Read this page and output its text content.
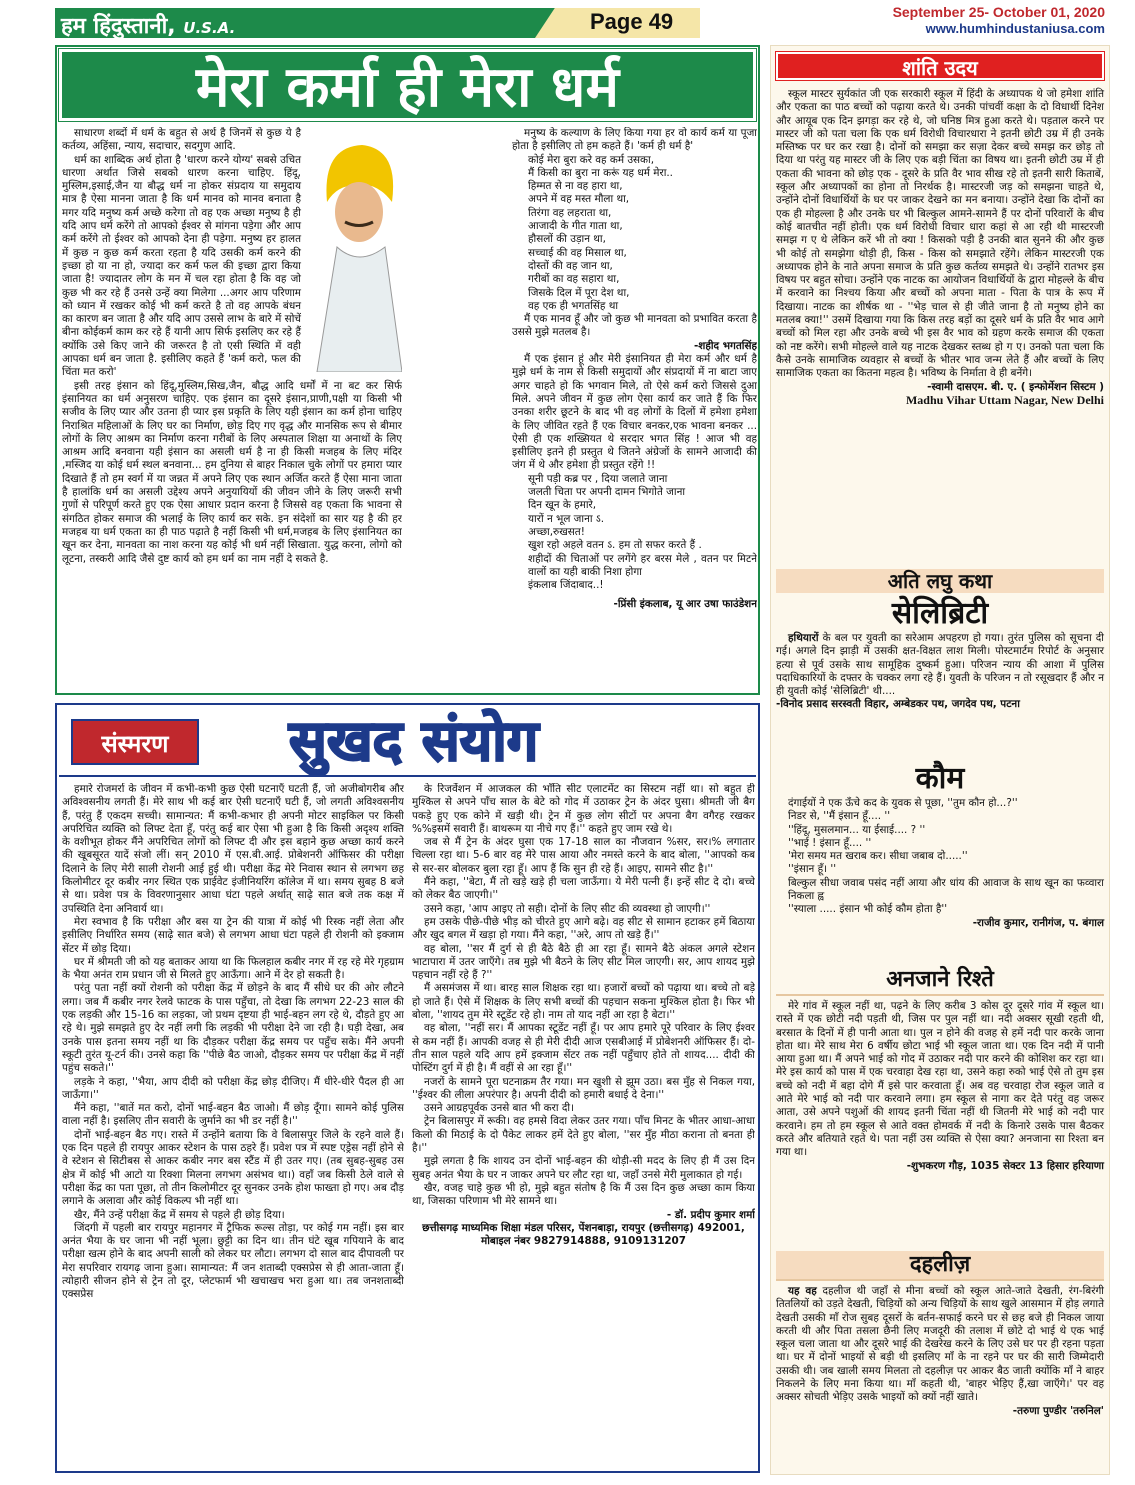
हम हिंदुस्तानी, U.S.A.	Page 49	September 25- October 01, 2020
www.humhindustaniusa.com
मेरा कर्मा ही मेरा धर्म

साधारण शब्दों में धर्म के बहुत से अर्थ है जिनमें से कुछ ये है कर्तव्य, अहिंसा, न्याय, सदाचार, सदगुण आदि.

धर्म का शाब्दिक अर्थ होता है 'धारण करने योग्य' सबसे उचित धारणा अर्थात जिसे सबको धारण करना चाहिए. हिंदू, मुस्लिम,इसाई,जैन या बौद्ध धर्म ना होकर संप्रदाय या समुदाय मात्र है ऐसा मानना जाता है कि धर्म मानव को मानव बनाता है मगर यदि मनुष्य कर्म अच्छे करेगा तो वह एक अच्छा मनुष्य है ही यदि आप धर्म करेंगे तो आपको ईश्वर से मांगना पड़ेगा और आप कर्म करेंगे तो ईश्वर को आपको देना ही पड़ेगा. मनुष्य हर हालत में कुछ न कुछ कर्म करता रहता है यदि उसकी कर्म करने की इच्छा हो या ना हो, ज्यादा कर कर्म फल की इच्छा द्वारा किया जाता है! ज्यादातर लोग के मन में चल रहा होता है कि वह जो कुछ भी कर रहे हैं उनसे उन्हें क्या मिलेगा ...अगर आप परिणाम को ध्यान में रखकर कोई भी कर्म करते है तो वह आपके बंधन का कारण बन जाता है और यदि आप उससे लाभ के बारे में सोचें बीना कोईकर्म काम कर रहे हैं यानी आप सिर्फ इसलिए कर रहे हैं क्योंकि उसे किए जाने की जरूरत है तो एसी स्थिति में वही आपका धर्म बन जाता है. इसीलिए कहते हैं 'कर्म करो, फल की चिंता मत करो'

इसी तरह इंसान को हिंदू,मुस्लिम,सिख,जैन, बौद्ध आदि धर्मों में ना बट कर सिर्फ इंसानियत का धर्म अनुसरण चाहिए. एक इंसान का दूसरे इंसान,प्राणी,पक्षी या किसी भी सजीव के लिए प्यार और उतना ही प्यार इस प्रकृति के लिए यही इंसान का कर्म होना चाहिए निराश्रित महिलाओं के लिए घर का निर्माण, छोड़ दिए गए वृद्ध और मानसिक रूप से बीमार लोगों के लिए आश्रम का निर्माण करना गरीबों के लिए अस्पताल शिक्षा या अनाथों के लिए आश्रम आदि बनवाना यही इंसान का असली धर्म है ना ही किसी मजहब के लिए मंदिर ,मस्जिद या कोई धर्म स्थल बनवाना... हम दुनिया से बाहर निकाल चुके लोगों पर हमारा प्यार दिखाते हैं तो हम स्वर्ग में या जन्नत में अपने लिए एक स्थान अर्जित करते हैं ऐसा माना जाता है हालांकि धर्म का असली उद्देश्य अपने अनुयायियों की जीवन जीने के लिए जरूरी सभी गुणों से परिपूर्ण करते हुए एक ऐसा आधार प्रदान करना है जिससे वह एकता कि भावना से संगठित होकर समाज की भलाई के लिए कार्य कर सके. इन संदेशों का सार यह है की हर मजहब या धर्म एकता का ही पाठ पढ़ाते है नहीं किसी भी धर्म,मजहब के लिए इंसानियत का खून कर देना, मानवता का नाश करना यह कोई भी धर्म नहीं सिखाता. युद्ध करना, लोगो को लूटना, तस्करी आदि जैसे दुष्ट कार्य को हम धर्म का नाम नहीं दे सकते है.

मनुष्य के कल्याण के लिए किया गया हर वो कार्य कर्म या पूजा होता है इसीलिए तो हम कहते हैं। 'कर्म ही धर्म है'

कोई मेरा बुरा करे वह कर्म उसका,
मैं किसी का बुरा ना करूं यह धर्म मेरा..
हिम्मत से ना वह हारा था,
अपने में वह मस्त मौला था,
तिरंगा वह लहराता था,
आजादी के गीत गाता था,
हौसलों की उड़ान था,
सच्चाई की वह मिसाल था,
दोस्तों की वह जान था,
गरीबों का वह सहारा था,
जिसके दिल में पूरा देश था,
वह एक ही भगतसिंह था

मैं एक मानव हूँ और जो कुछ भी मानवता को प्रभावित करता है उससे मुझे मतलब है।

-शहीद भगतसिंह

मैं एक इंसान हूं और मेरी इंसानियत ही मेरा कर्म और धर्म है मुझे धर्म के नाम से किसी समुदायों और संप्रदायों में ना बाटा जाए अगर चाहते हो कि भगवान मिले, तो ऐसे कर्म करो जिससे दुआ मिले. अपने जीवन में कुछ लोग ऐसा कार्य कर जाते हैं कि फिर उनका शरीर छूटने के बाद भी वह लोगों के दिलों में हमेशा हमेशा के लिए जीवित रहते हैं एक विचार बनकर,एक भावना बनकर ... ऐसी ही एक शख्सियत थे सरदार भगत सिंह ! आज भी वह इसीलिए इतने ही प्रस्तुत थे जितने अंग्रेजों के सामने आजादी की जंग में थे और हमेशा ही प्रस्तुत रहेंगे !!

सूनी पड़ी कब्र पर , दिया जलाते जाना
जलती चिता पर अपनी दामन भिगोते जाना
दिन खून के हमारे,
यारों न भूल जाना ऽ.
अच्छा,रुखसत!
खुश रहो अहले वतन ऽ. हम तो सफर करते हैं .
शहीदों की चिताओं पर लगेंगे हर बरस मेले , वतन पर मिटने वालों का यही बाकी निशा होगा
इंकलाब जिंदाबाद..!
-प्रिंसी इंकलाब, यू आर उषा फाउंडेशन
संस्मरण	सुखद संयोग

हमारे रोजमर्रा के जीवन में कभी-कभी कुछ ऐसी घटनाएँ घटती हैं, जो अजीबोगरीब और अविश्वसनीय लगती हैं। मेरे साथ भी कई बार ऐसी घटनाएँ घटी हैं, जो लगती अविश्वसनीय हैं, परंतु हैं एकदम सच्ची। सामान्यत: मैं कभी-कभार ही अपनी मोटर साइकिल पर किसी अपरिचित व्यक्ति को लिफ्ट देता हूँ, परंतु कई बार ऐसा भी हुआ है कि किसी अदृश्य शक्ति के वशीभूत होकर मैंने अपरिचित लोगों को लिफ्ट दी और इस बहाने कुछ अच्छा कार्य करने की खूबसूरत यादें संजो लीं। सन् 2010 में एस.बी.आई. प्रोबेशनरी ऑफिसर की परीक्षा दिलाने के लिए मेरी साली रोशनी आई हुई थी। परीक्षा केंद्र मेरे निवास स्थान से लगभग छह किलोमीटर दूर कबीर नगर स्थित एक प्राईवेट इंजीनियरिंग कॉलेज में था। समय सुबह 8 बजे से था। प्रवेश पत्र के विवरणानुसार आधा घंटा पहले अर्थात् साढ़े सात बजे तक कक्ष में उपस्थिति देना अनिवार्य था।

मेरा स्वभाव है कि परीक्षा और बस या ट्रेन की यात्रा में कोई भी रिस्क नहीं लेता और इसीलिए निर्धारित समय (साढ़े सात बजे) से लगभग आधा घंटा पहले ही रोशनी को इक्जाम सेंटर में छोड़ दिया।

घर में श्रीमती जी को यह बताकर आया था कि फिलहाल कबीर नगर में रह रहे मेरे गृहग्राम के भैया अनंत राम प्रधान जी से मिलते हुए आऊँगा। आने में देर हो सकती है।

परंतु पता नहीं क्यों रोशनी को परीक्षा केंद्र में छोड़ने के बाद मैं सीधे घर की ओर लौटने लगा। जब मैं कबीर नगर रेलवे फाटक के पास पहुँचा, तो देखा कि लगभग 22-23 साल की एक लड़की और 15-16 का लड़का, जो प्रथम दृष्टया ही भाई-बहन लग रहे थे, दौड़ते हुए आ रहे थे। मुझे समझते हुए देर नहीं लगी कि लड़की भी परीक्षा देने जा रही है। घड़ी देखा, अब उनके पास इतना समय नहीं था कि दौड़कर परीक्षा केंद्र समय पर पहुँच सके। मैंने अपनी स्कूटी तुरंत यू-टर्न की। उनसे कहा कि ''पीछे बैठ जाओ, दौड़कर समय पर परीक्षा केंद्र में नहीं पहुंच सकते।''

लड़के ने कहा, ''भैया, आप दीदी को परीक्षा केंद्र छोड़ दीजिए। मैं धीरे-धीरे पैदल ही आ जाऊँगा।''

मैंने कहा, ''बातें मत करो, दोनों भाई-बहन बैठ जाओ। मैं छोड़ दूँगा। सामने कोई पुलिस वाला नहीं है। इसलिए तीन सवारी के जुर्माने का भी डर नहीं है।''

दोनों भाई-बहन बैठ गए। रास्ते में उन्होंने बताया कि वे बिलासपुर जिले के रहने वाले हैं। एक दिन पहले ही रायपुर आकर स्टेशन के पास ठहरे हैं। प्रवेश पत्र में स्पष्ट एड्रेस नहीं होने से वे स्टेशन से सिटीबस से आकर कबीर नगर बस स्टैंड में ही उतर गए। (तब सुबह-सुबह उस क्षेत्र में कोई भी आटो या रिक्शा मिलना लगभग असंभव था।) वहाँ जब किसी ठेले वाले से परीक्षा केंद्र का पता पूछा, तो तीन किलोमीटर दूर सुनकर उनके होश फाख्ता हो गए। अब दौड़ लगाने के अलावा और कोई विकल्प भी नहीं था।

खैर, मैंने उन्हें परीक्षा केंद्र में समय से पहले ही छोड़ दिया।

जिंदगी में पहली बार रायपुर महानगर में ट्रैफिक रूल्स तोड़ा, पर कोई गम नहीं। इस बार अनंत भैया के घर जाना भी नहीं भूला। छुट्टी का दिन था। तीन घंटे खूब गपियाने के बाद परीक्षा खत्म होने के बाद अपनी साली को लेकर घर लौटा। लगभग दो साल बाद दीपावली पर मेरा सपरिवार रायगढ़ जाना हुआ। सामान्यत: मैं जन शताब्दी एक्सप्रेस से ही आता-जाता हूँ। त्योहारी सीजन होने से ट्रेन तो दूर, प्लेटफार्म भी खचाखच भरा हुआ था। तब जनशताब्दी एक्सप्रेस

के रिजर्वेशन में आजकल की भाँति सीट एलाटमेंट का सिस्टम नहीं था। सो बहुत ही मुश्किल से अपने पाँच साल के बेटे को गोद में उठाकर ट्रेन के अंदर घुसा। श्रीमती जी बैग पकड़े हुए एक कोने में खड़ी थी। ट्रेन में कुछ लोग सीटों पर अपना बैग वगैरह रखकर %%इसमें सवारी हैं। बाथरूम या नीचे गए हैं।'' कहते हुए जाम रखे थे।

जब से मैं ट्रेन के अंदर घुसा एक 17-18 साल का नौजवान %सर, सर।% लगातार चिल्ला रहा था। 5-6 बार वह मेरे पास आया और नमस्ते करने के बाद बोला, ''आपको कब से सर-सर बोलकर बुला रहा हूँ। आप हैं कि सुन ही रहे हैं। आइए, सामने सीट है।''

मैंने कहा, ''बेटा, मैं तो खड़े खड़े ही चला जाऊँगा। ये मेरी पत्नी हैं। इन्हें सीट दे दो। बच्चे को लेकर बैठ जाएगी।''

उसने कहा, 'आप आइए तो सही। दोनों के लिए सीट की व्यवस्था हो जाएगी।''

हम उसके पीछे-पीछे भीड़ को चीरते हुए आगे बढ़े। वह सीट से सामान हटाकर हमें बिठाया और खुद बगल में खड़ा हो गया। मैंने कहा, ''अरे, आप तो खड़े हैं।''

वह बोला, ''सर मैं दुर्ग से ही बैठे बैठे ही आ रहा हूँ। सामने बैठे अंकल अगले स्टेशन भाटापारा में उतर जाएँगे। तब मुझे भी बैठने के लिए सीट मिल जाएगी। सर, आप शायद मुझे पहचान नहीं रहे हैं ?''

मैं असमंजस में था। बारह साल शिक्षक रहा था। हजारों बच्चों को पढ़ाया था। बच्चे तो बड़े हो जाते हैं। ऐसे में शिक्षक के लिए सभी बच्चों की पहचान सकना मुश्किल होता है। फिर भी बोला, ''शायद तुम मेरे स्टूडेंट रहे हो। नाम तो याद नहीं आ रहा है बेटा।''

वह बोला, ''नहीं सर। मैं आपका स्टूडेंट नहीं हूँ। पर आप हमारे पूरे परिवार के लिए ईश्वर से कम नहीं हैं। आपकी वजह से ही मेरी दीदी आज एसबीआई में प्रोबेशनरी ऑफिसर हैं। दो-तीन साल पहले यदि आप हमें इक्जाम सेंटर तक नहीं पहुँचाए होते तो शायद.... दीदी की पोस्टिंग दुर्ग में ही है। मैं वहीं से आ रहा हूँ।''

नजरों के सामने पूरा घटनाक्रम तैर गया। मन खुशी से झूम उठा। बस मुँह से निकल गया, ''ईश्वर की लीला अपरंपार है। अपनी दीदी को हमारी बधाई दे देना।''

उसने आग्रहपूर्वक उनसे बात भी करा दी।

ट्रेन बिलासपुर में रूकी। वह हमसे विदा लेकर उतर गया। पाँच मिनट के भीतर आधा-आधा किलो की मिठाई के दो पैकेट लाकर हमें देते हुए बोला, ''सर मुँह मीठा कराना तो बनता ही है।''

मुझे लगता है कि शायद उन दोनों भाई-बहन की थोड़ी-सी मदद के लिए ही मैं उस दिन सुबह अनंत भैया के घर न जाकर अपने घर लौट रहा था, जहाँ उनसे मेरी मुलाकात हो गई।

खैर, वजह चाहे कुछ भी हो, मुझे बहुत संतोष है कि मैं उस दिन कुछ अच्छा काम किया था, जिसका परिणाम भी मेरे सामने था।

- डॉ. प्रदीप कुमार शर्मा
छत्तीसगढ़ माध्यमिक शिक्षा मंडल परिसर, पेंशनबाड़ा, रायपुर (छत्तीसगढ़) 492001, मोबाइल नंबर 9827914888, 9109131207
शांति उदय

स्कूल मास्टर सुर्यकांत जी एक सरकारी स्कूल में हिंदी के अध्यापक थे जो हमेशा शांति और एकता का पाठ बच्चों को पढ़ाया करते थे। उनकी पांचवीं कक्षा के दो विधार्थी दिनेश और आयूब एक दिन झगड़ा कर रहे थे, जो घनिष्ठ मित्र हुआ करते थे। पड़ताल करने पर मास्टर जी को पता चला कि एक धर्म विरोधी विचारधारा ने इतनी छोटी उम्र में ही उनके मस्तिष्क पर घर कर रखा है। दोनों को समझा कर सज़ा देकर बच्चे समझ कर छोड़ तो दिया था परंतु यह मास्टर जी के लिए एक बड़ी चिंता का विषय था। इतनी छोटी उम्र में ही एकता की भावना को छोड़ एक - दूसरे के प्रति वैर भाव सीख रहे तो इतनी सारी किताबें, स्कूल और अध्यापकों का होना तो निरर्थक है। मास्टरजी जड़ को समझना चाहते थे, उन्होंने दोनों विधार्थियों के घर पर जाकर देखने का मन बनाया। उन्होंने देखा कि दोनों का एक ही मोहल्ला है और उनके घर भी बिल्कुल आमने-सामने हैं पर दोनों परिवारों के बीच कोई बातचीत नहीं होती। एक धर्म विरोधी विचार धारा कहां से आ रही थी मास्टरजी समझ ग ए थे लेकिन करें भी तो क्या ! किसको पड़ी है उनकी बात सुनने की और कुछ भी कोई तो समझेगा थोड़ी ही, किस - किस को समझाते रहेंगे। लेकिन मास्टरजी एक अध्यापक होने के नाते अपना समाज के प्रति कुछ कर्तव्य समझते थे। उन्होंने रातभर इस विषय पर बहुत सोचा। उन्होंने एक नाटक का आयोजन विधार्थियों के द्वारा मोहल्ले के बीच में करवाने का निश्चय किया और बच्चों को अपना माता - पिता के पात्र के रूप में दिखाया। नाटक का शीर्षक था - ''भेड़ चाल से ही जीते जाना है तो मनुष्य होने का मतलब क्या!'' उसमें दिखाया गया कि किस तरह बड़ों का दूसरे धर्म के प्रति वैर भाव आगे बच्चों को मिल रहा और उनके बच्चे भी इस वैर भाव को ग्रहण करके समाज की एकता को नष्ट करेंगे। सभी मोहल्ले वाले यह नाटक देखकर स्तब्ध हो ग ए। उनको पता चला कि कैसे उनके सामाजिक व्यवहार से बच्चों के भीतर भाव जन्म लेते हैं और बच्चों के लिए सामाजिक एकता का कितना महत्व है। भविष्य के निर्माता वे ही बनेंगे।

-स्वामी दासएम. बी. ए. ( इन्फोर्मेशन सिस्टम )
Madhu Vihar Uttam Nagar, New Delhi
अति लघु कथा
सेलिब्रिटी

हथियारों के बल पर युवती का सरेआम अपहरण हो गया। तुरंत पुलिस को सूचना दी गई। अगले दिन झाड़ी में उसकी क्षत-विक्षत लाश मिली। पोस्टमार्टम रिपोर्ट के अनुसार हत्या से पूर्व उसके साथ सामूहिक दुष्कर्म हुआ। परिजन न्याय की आशा में पुलिस पदाधिकारियों के दफ्तर के चक्कर लगा रहे हैं। युवती के परिजन न तो रसूखदार हैं और न ही युवती कोई 'सेलिब्रिटी' थी....

-विनोद प्रसाद सरस्वती विहार, अम्बेडकर पथ, जगदेव पथ, पटना
कौम
दंगाईयों ने एक ऊँचे कद के युवक से पूछा, ''तुम कौन हो...?''
निडर से, ''मैं इंसान हूँ.... ''
''हिंदू, मुसलमान... या ईसाई.... ? ''
''भाई ! इंसान हूँ.... ''
'मेरा समय मत खराब कर। सीधा जबाब दो.....''
''इंसान हूँ। ''
बिल्कुल सीधा जवाब पसंद नहीं आया और धांय की आवाज के साथ खून का फव्वारा निकला ह्व
''स्याला ..... इंसान भी कोई कौम होता है''
-राजीव कुमार, रानीगंज, प. बंगाल
अनजाने रिश्ते

मेरे गांव में स्कूल नहीं था, पढ़ने के लिए करीब 3 कोस दूर दूसरे गांव में स्कूल था। रास्ते में एक छोटी नदी पड़ती थी, जिस पर पुल नहीं था। नदी अक्सर सूखी रहती थी, बरसात के दिनों में ही पानी आता था। पुल न होने की वजह से हमें नदी पार करके जाना होता था। मेरे साथ मेरा 6 वर्षीय छोटा भाई भी स्कूल जाता था। एक दिन नदी में पानी आया हुआ था। मैं अपने भाई को गोद में उठाकर नदी पार करने की कोशिश कर रहा था। मेरे इस कार्य को पास में एक चरवाहा देख रहा था, उसने कहा रुको भाई ऐसे तो तुम इस बच्चे को नदी में बहा दोगे मैं इसे पार करवाता हूँ। अब वह चरवाहा रोज स्कूल जाते व आते मेरे भाई को नदी पार करवाने लगा। हम स्कूल से नागा कर देते परंतु वह जरूर आता, उसे अपने पशुओं की शायद इतनी चिंता नहीं थी जितनी मेरे भाई को नदी पार करवाने। हम तो हम स्कूल से आते वक्त होमवर्क में नदी के किनारे उसके पास बैठकर करते और बतियाते रहते थे। पता नहीं उस व्यक्ति से ऐसा क्या? अनजाना सा रिश्ता बन गया था।

-शुभकरण गौड़, 1035 सेक्टर 13 हिसार हरियाणा
दहलीज़

यह वह दहलीज थी जहाँ से मीना बच्चों को स्कूल आते-जाते देखती, रंग-बिरंगी तितलियों को उड़ते देखती, चिड़ियों को अन्य चिड़ियों के साथ खुले आसमान में होड़ लगाते देखती उसकी माँ रोज सुबह दूसरों के बर्तन-सफाई करने घर से छह बजे ही निकल जाया करती थी और पिता तसला छैनी लिए मजदूरी की तलाश में छोटे दो भाई थे एक भाई स्कूल चला जाता था और दूसरे भाई की देखरेख करने के लिए उसे घर पर ही रहना पड़ता था। घर में दोनों भाइयों से बड़ी थी इसलिए माँ के ना रहने पर घर की सारी जिम्मेदारी उसकी थी। जब खाली समय मिलता तो दहलीज़ पर आकर बैठ जाती क्योंकि माँ ने बाहर निकलने के लिए मना किया था। माँ कहती थी, 'बाहर भेड़िए हैं,खा जाएँगे।' पर वह अक्सर सोचती भेड़िए उसके भाइयों को क्यों नहीं खाते।

-तरुणा पुण्डीर 'तरुनिल'
